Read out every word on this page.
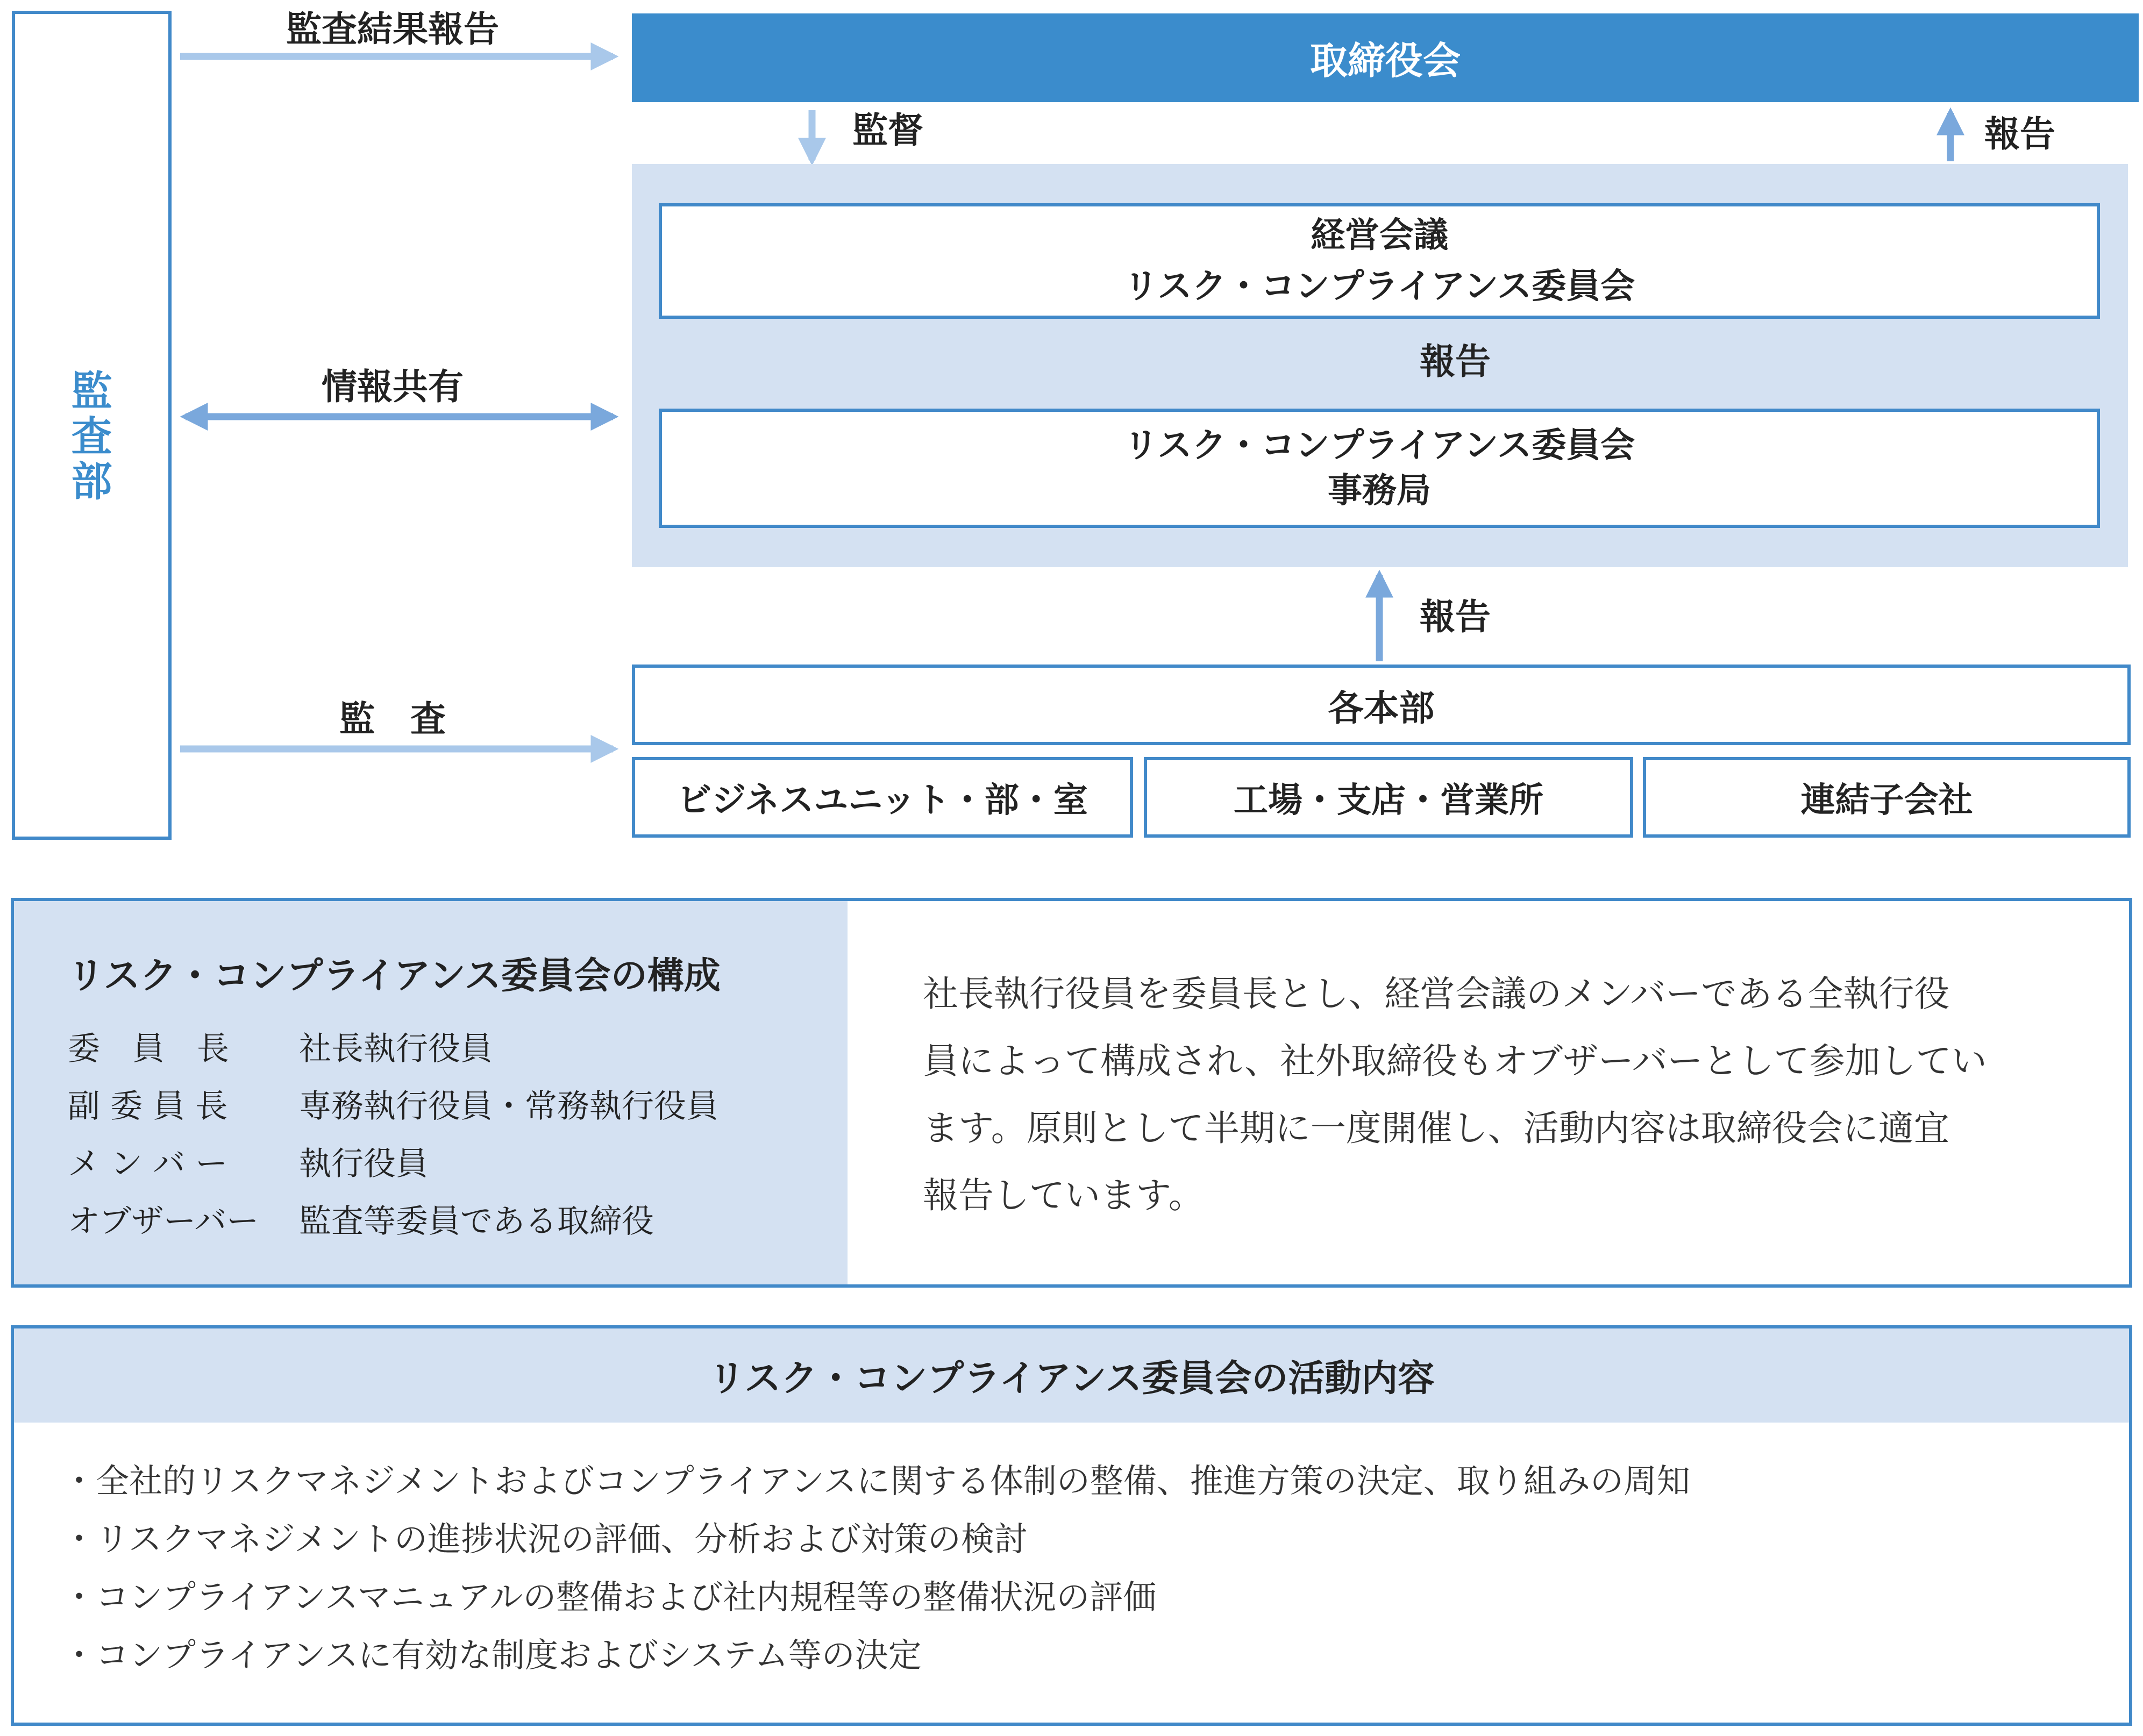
監
査
部
監査結果報告
情報共有
監　査
取締役会
監督	報告
経営会議
リスク・コンプライアンス委員会
報告
リスク・コンプライアンス委員会
事務局
報告
各本部
ビジネスユニット・部・室	工場・支店・営業所	連結子会社
リスク・コンプライアンス委員会の構成
委　員　長 社長執行役員
副 委 員 長 専務執行役員・常務執行役員
メ ン バ ー 執行役員
オブザーバー 監査等委員である取締役
社長執行役員を委員長とし、経営会議のメンバーである全執行役
員によって構成され、社外取締役もオブザーバーとして参加してい
ます。原則として半期に一度開催し、活動内容は取締役会に適宜
報告しています。
リスク・コンプライアンス委員会の活動内容
・全社的リスクマネジメントおよびコンプライアンスに関する体制の整備、推進方策の決定、取り組みの周知
・リスクマネジメントの進捗状況の評価、分析および対策の検討
・コンプライアンスマニュアルの整備および社内規程等の整備状況の評価
・コンプライアンスに有効な制度およびシステム等の決定
